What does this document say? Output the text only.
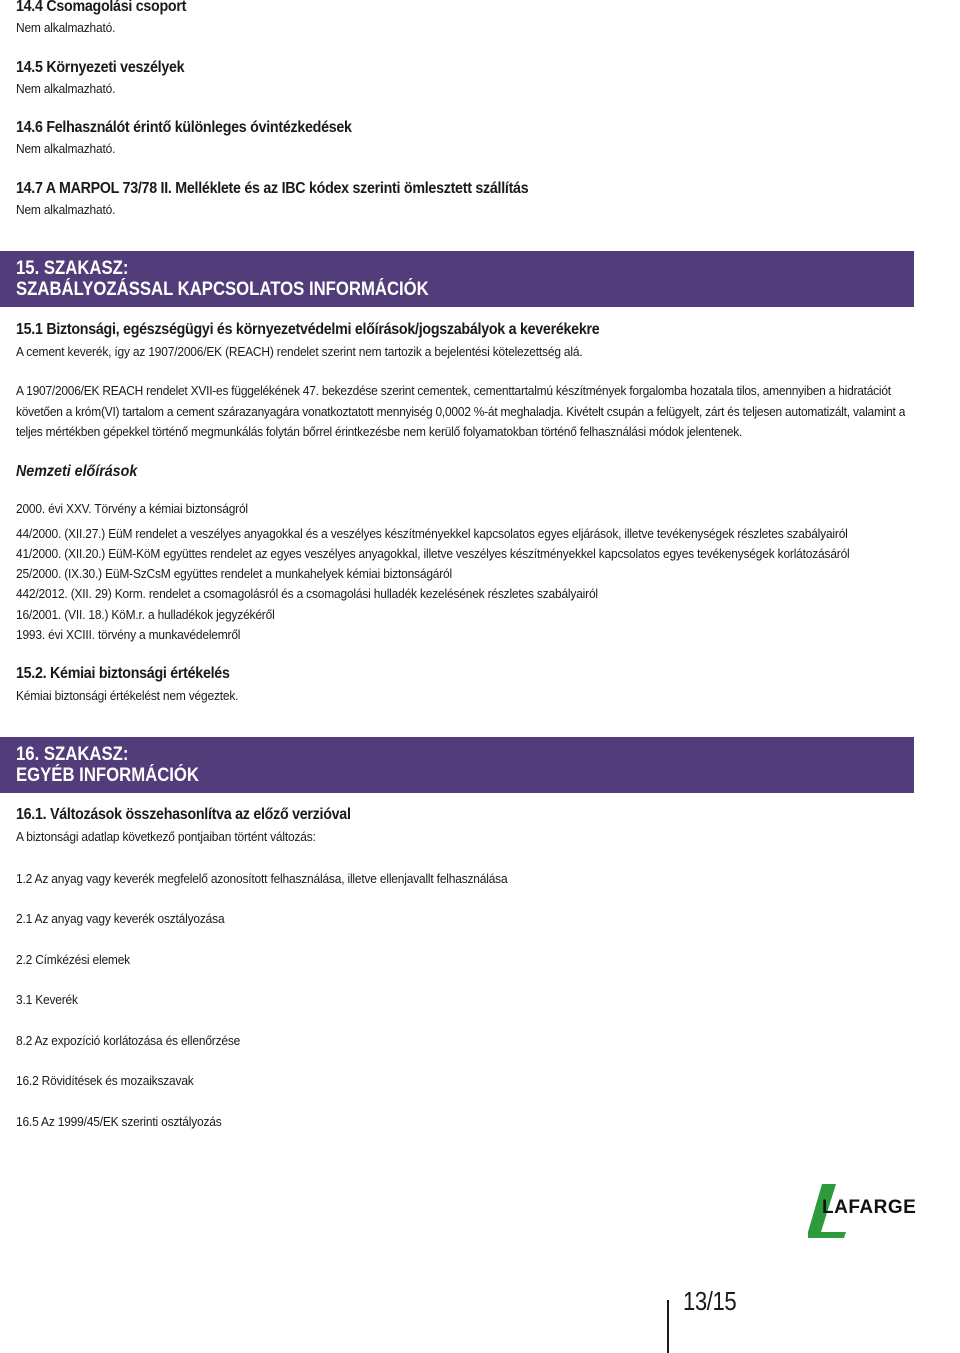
14.4 Csomagolási csoport
Nem alkalmazható.
14.5 Környezeti veszélyek
Nem alkalmazható.
14.6 Felhasználót érintő különleges óvintézkedések
Nem alkalmazható.
14.7 A MARPOL 73/78 II. Melléklete és az IBC kódex szerinti ömlesztett szállítás
Nem alkalmazható.
15. SZAKASZ:
SZABÁLYOZÁSSAL KAPCSOLATOS INFORMÁCIÓK
15.1 Biztonsági, egészségügyi és környezetvédelmi előírások/jogszabályok a keverékekre
A cement keverék, így az 1907/2006/EK (REACH) rendelet szerint nem tartozik a bejelentési kötelezettség alá.
A 1907/2006/EK REACH rendelet XVII-es függelékének 47. bekezdése szerint cementek, cementtartalmú készítmények forgalomba hozatala tilos, amennyiben a hidratációt követően a króm(VI) tartalom a cement szárazanyagára vonatkoztatott mennyiség 0,0002 %-át meghaladja. Kivételt csupán a felügyelt, zárt és teljesen automatizált, valamint a teljes mértékben gépekkel történő megmunkálás folytán bőrrel érintkezésbe nem kerülő folyamatokban történő felhasználási módok jelentenek.
Nemzeti előírások
2000. évi XXV. Törvény a kémiai biztonságról
44/2000. (XII.27.) EüM rendelet a veszélyes anyagokkal és a veszélyes készítményekkel kapcsolatos egyes eljárások, illetve tevékenységek részletes szabályairól
41/2000. (XII.20.) EüM-KöM együttes rendelet az egyes veszélyes anyagokkal, illetve veszélyes készítményekkel kapcsolatos egyes tevékenységek korlátozásáról
25/2000. (IX.30.) EüM-SzCsM együttes rendelet a munkahelyek kémiai biztonságáról
442/2012. (XII. 29) Korm. rendelet a csomagolásról és a csomagolási hulladék kezelésének részletes szabályairól
16/2001. (VII. 18.) KöM.r. a hulladékok jegyzékéről
1993. évi XCIII. törvény a munkavédelemről
15.2. Kémiai biztonsági értékelés
Kémiai biztonsági értékelést nem végeztek.
16. SZAKASZ:
EGYÉB INFORMÁCIÓK
16.1. Változások összehasonlítva az előző verzióval
A biztonsági adatlap következő pontjaiban történt változás:
1.2 Az anyag vagy keverék megfelelő azonosított felhasználása, illetve ellenjavallt felhasználása
2.1 Az anyag vagy keverék osztályozása
2.2 Címkézési elemek
3.1 Keverék
8.2 Az expozíció korlátozása és ellenőrzése
16.2 Rövidítések és mozaikszavak
16.5 Az 1999/45/EK szerinti osztályozás
LAFARGE
13/15
